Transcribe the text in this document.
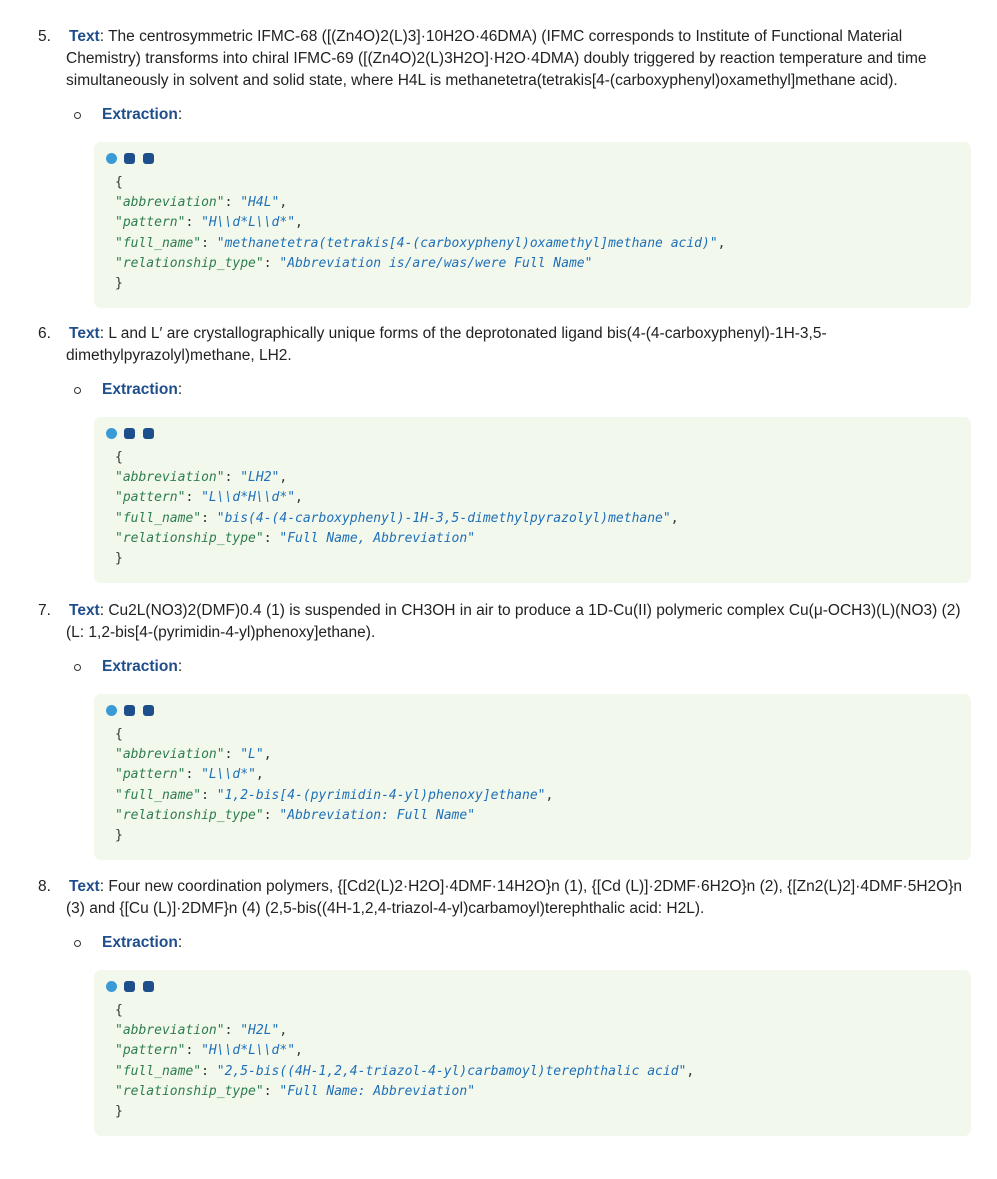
5. Text: The centrosymmetric IFMC-68 ([(Zn4O)2(L)3]·10H2O·46DMA) (IFMC corresponds to Institute of Functional Material Chemistry) transforms into chiral IFMC-69 ([(Zn4O)2(L)3H2O]·H2O·4DMA) doubly triggered by reaction temperature and time simultaneously in solvent and solid state, where H4L is methanetetra(tetrakis[4-(carboxyphenyl)oxamethyl]methane acid).
Extraction:
{
"abbreviation": "H4L",
"pattern": "H\\d*L\\d*",
"full_name": "methanetetra(tetrakis[4-(carboxyphenyl)oxamethyl]methane acid)",
"relationship_type": "Abbreviation is/are/was/were Full Name"
}
6. Text: L and L′ are crystallographically unique forms of the deprotonated ligand bis(4-(4-carboxyphenyl)-1H-3,5-dimethylpyrazolyl)methane, LH2.
Extraction:
{
"abbreviation": "LH2",
"pattern": "L\\d*H\\d*",
"full_name": "bis(4-(4-carboxyphenyl)-1H-3,5-dimethylpyrazolyl)methane",
"relationship_type": "Full Name, Abbreviation"
}
7. Text: Cu2L(NO3)2(DMF)0.4 (1) is suspended in CH3OH in air to produce a 1D-Cu(II) polymeric complex Cu(μ-OCH3)(L)(NO3) (2) (L: 1,2-bis[4-(pyrimidin-4-yl)phenoxy]ethane).
Extraction:
{
"abbreviation": "L",
"pattern": "L\\d*",
"full_name": "1,2-bis[4-(pyrimidin-4-yl)phenoxy]ethane",
"relationship_type": "Abbreviation: Full Name"
}
8. Text: Four new coordination polymers, {[Cd2(L)2·H2O]·4DMF·14H2O}n (1), {[Cd (L)]·2DMF·6H2O}n (2), {[Zn2(L)2]·4DMF·5H2O}n (3) and {[Cu (L)]·2DMF}n (4) (2,5-bis((4H-1,2,4-triazol-4-yl)carbamoyl)terephthalic acid: H2L).
Extraction:
{
"abbreviation": "H2L",
"pattern": "H\\d*L\\d*",
"full_name": "2,5-bis((4H-1,2,4-triazol-4-yl)carbamoyl)terephthalic acid",
"relationship_type": "Full Name: Abbreviation"
}
